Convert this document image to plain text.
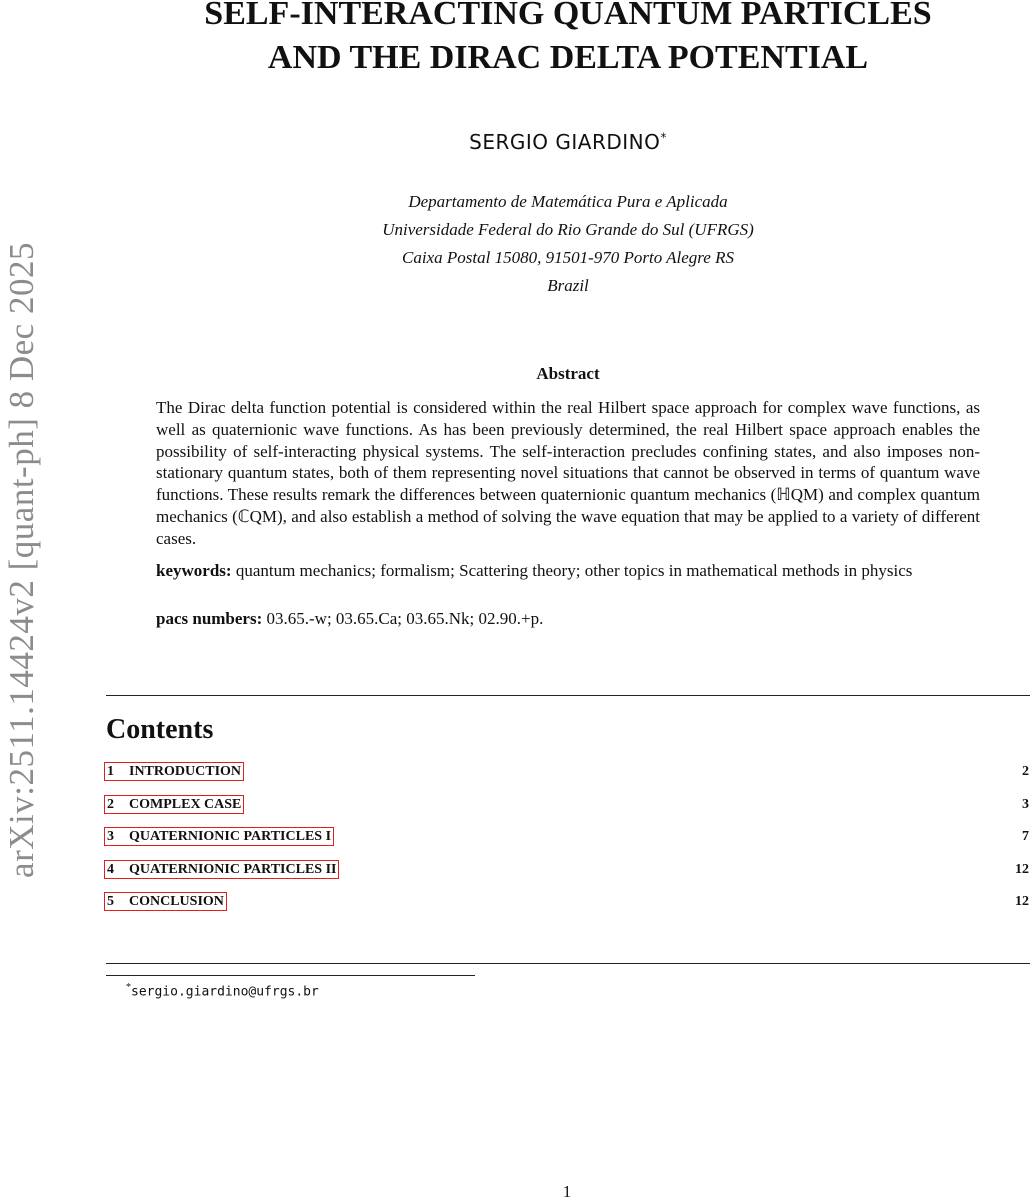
arXiv:2511.14424v2 [quant-ph] 8 Dec 2025
SELF-INTERACTING QUANTUM PARTICLES
AND THE DIRAC DELTA POTENTIAL
SERGIO GIARDINO*
Departamento de Matemática Pura e Aplicada
Universidade Federal do Rio Grande do Sul (UFRGS)
Caixa Postal 15080, 91501-970 Porto Alegre RS
Brazil
Abstract
The Dirac delta function potential is considered within the real Hilbert space approach for complex wave functions, as well as quaternionic wave functions. As has been previously determined, the real Hilbert space approach enables the possibility of self-interacting physical systems. The self-interaction precludes confining states, and also imposes non-stationary quantum states, both of them representing novel situations that cannot be observed in terms of quantum wave functions. These results remark the differences between quaternionic quantum mechanics (ℍQM) and complex quantum mechanics (ℂQM), and also establish a method of solving the wave equation that may be applied to a variety of different cases.
keywords: quantum mechanics; formalism; Scattering theory; other topics in mathematical methods in physics
pacs numbers: 03.65.-w; 03.65.Ca; 03.65.Nk; 02.90.+p.
Contents
1 INTRODUCTION	2
2 COMPLEX CASE	3
3 QUATERNIONIC PARTICLES I	7
4 QUATERNIONIC PARTICLES II	12
5 CONCLUSION	12
*sergio.giardino@ufrgs.br
1
